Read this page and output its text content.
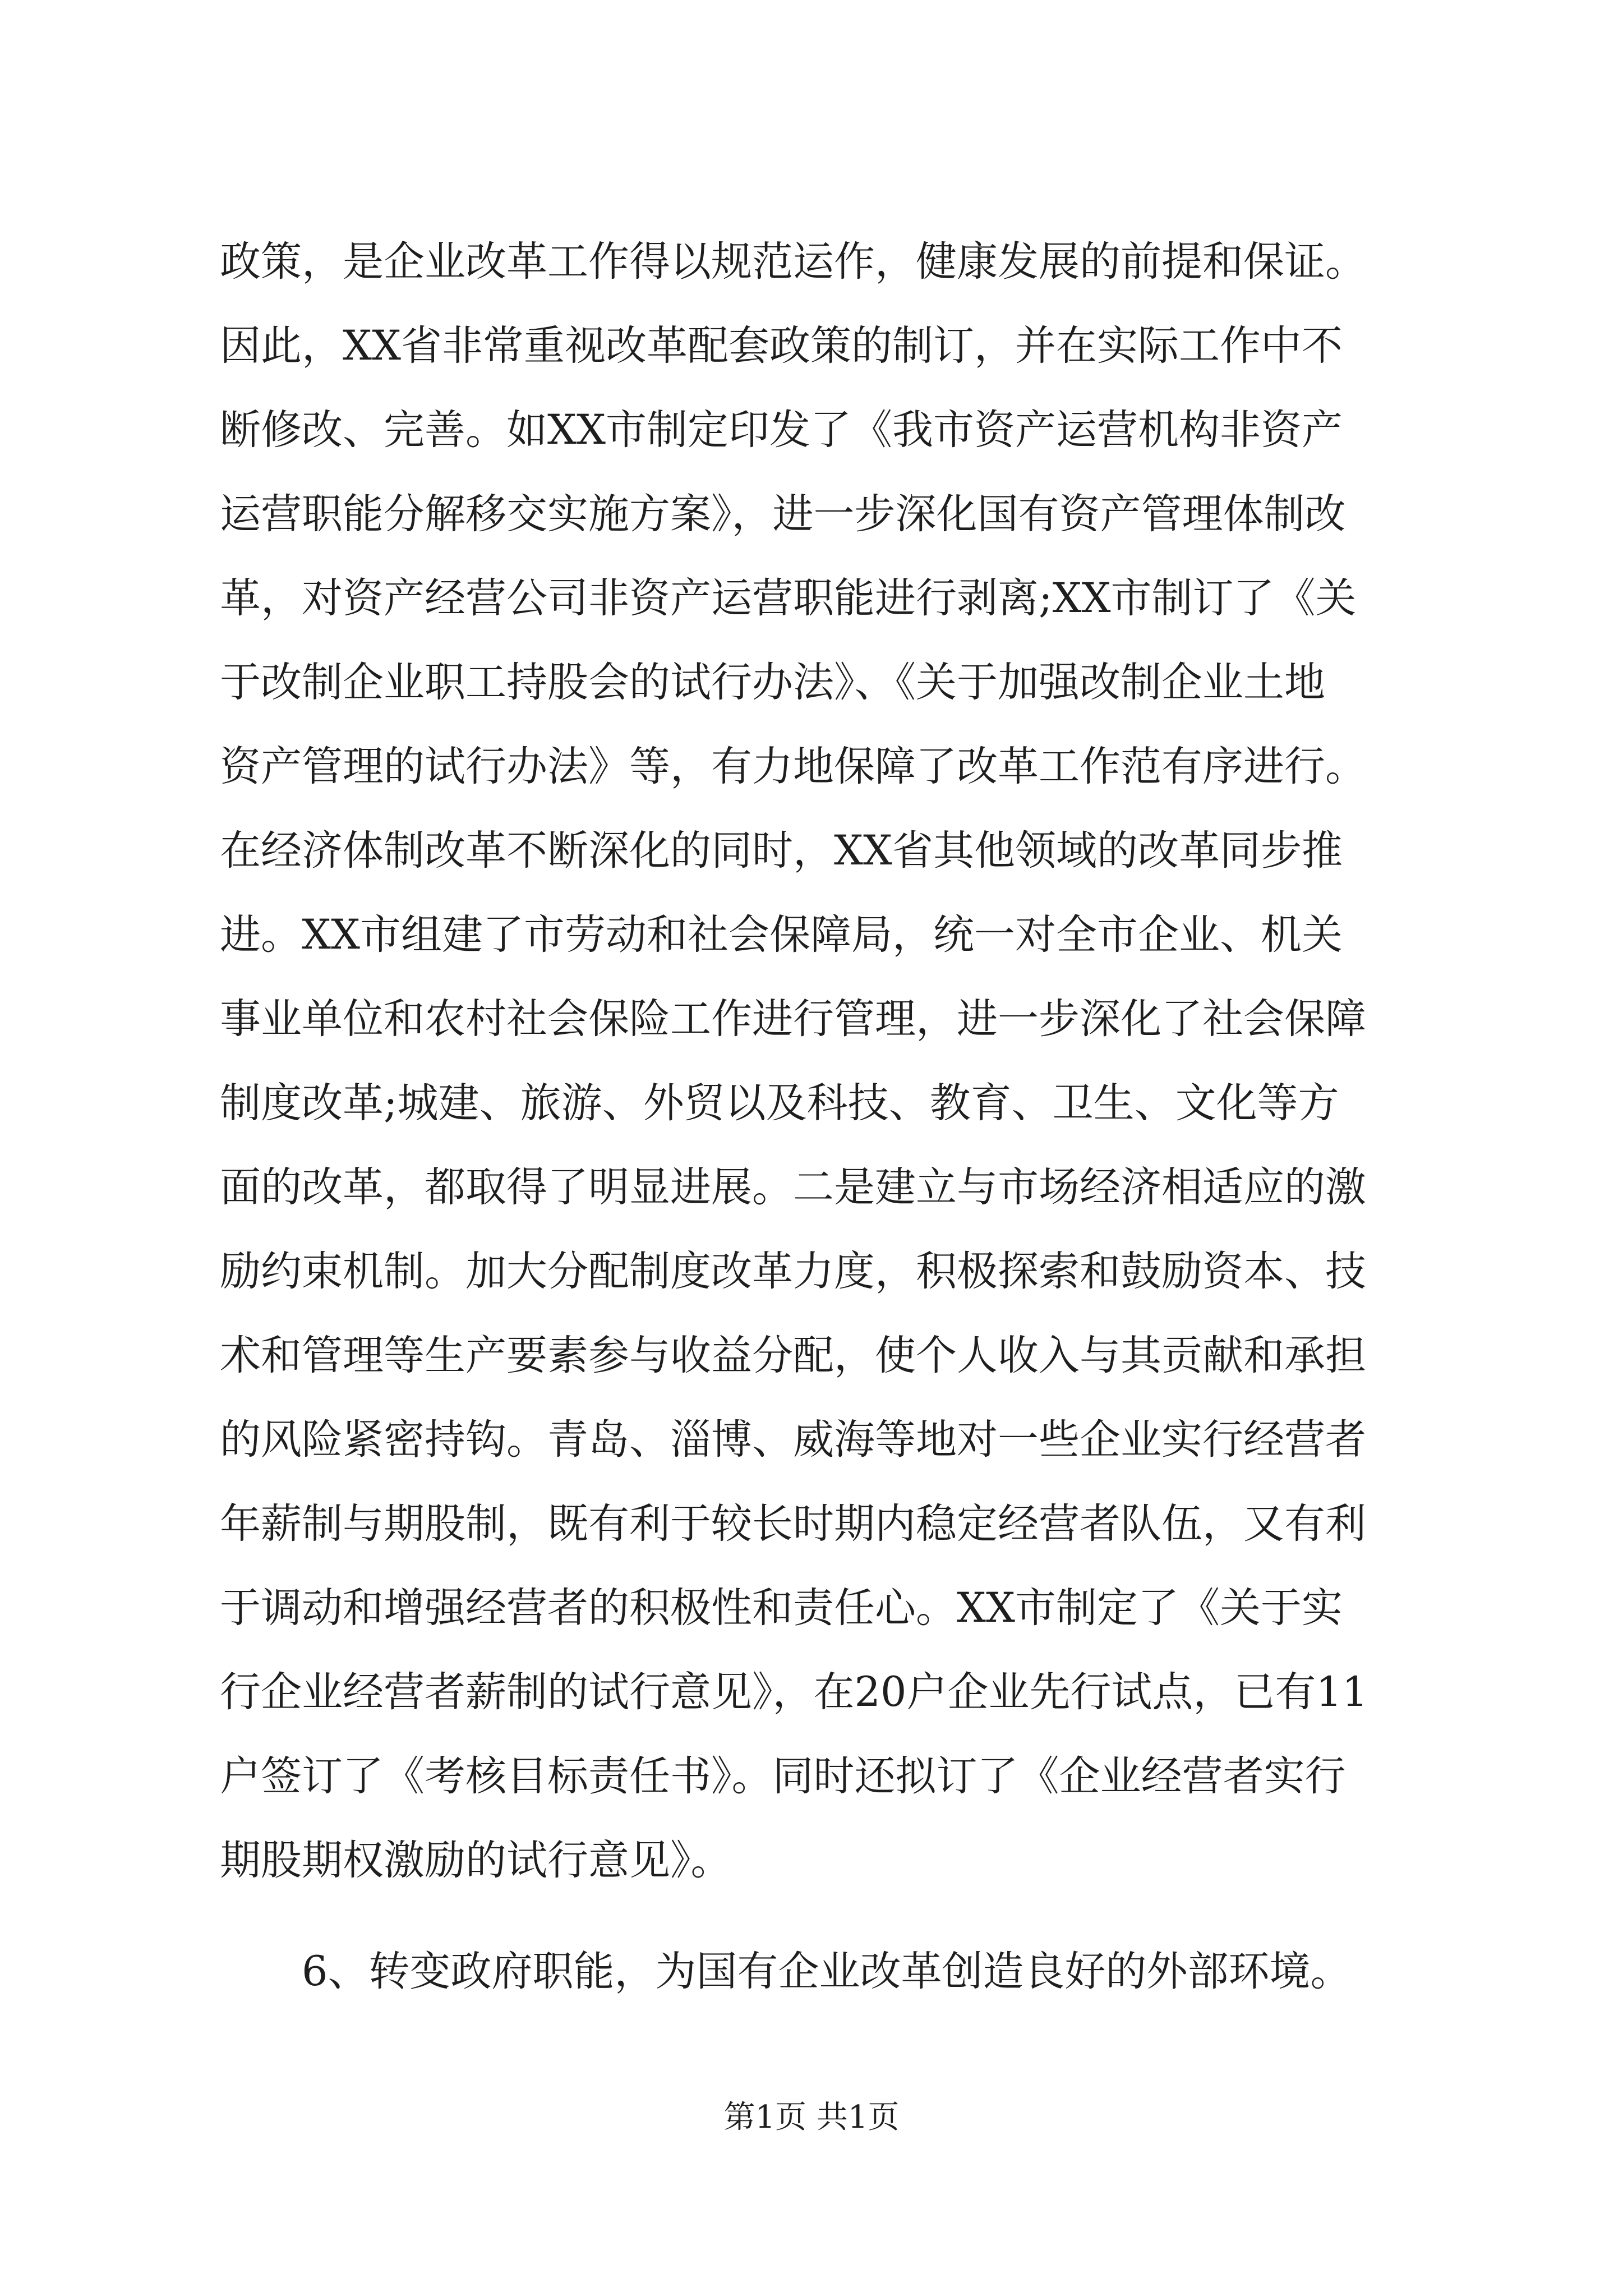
政策，是企业改革工作得以规范运作，健康发展的前提和保证。
因此，XX省非常重视改革配套政策的制订，并在实际工作中不
断修改、完善。如XX市制定印发了《我市资产运营机构非资产
运营职能分解移交实施方案》，进一步深化国有资产管理体制改
革，对资产经营公司非资产运营职能进行剥离;XX市制订了《关
于改制企业职工持股会的试行办法》、《关于加强改制企业土地
资产管理的试行办法》等，有力地保障了改革工作范有序进行。
在经济体制改革不断深化的同时，XX省其他领域的改革同步推
进。XX市组建了市劳动和社会保障局，统一对全市企业、机关
事业单位和农村社会保险工作进行管理，进一步深化了社会保障
制度改革;城建、旅游、外贸以及科技、教育、卫生、文化等方
面的改革，都取得了明显进展。二是建立与市场经济相适应的激
励约束机制。加大分配制度改革力度，积极探索和鼓励资本、技
术和管理等生产要素参与收益分配，使个人收入与其贡献和承担
的风险紧密持钩。青岛、淄博、威海等地对一些企业实行经营者
年薪制与期股制，既有利于较长时期内稳定经营者队伍，又有利
于调动和增强经营者的积极性和责任心。XX市制定了《关于实
行企业经营者薪制的试行意见》，在20户企业先行试点，已有11
户签订了《考核目标责任书》。同时还拟订了《企业经营者实行
期股期权激励的试行意见》。
6、转变政府职能，为国有企业改革创造良好的外部环境。
第1页 共1页
